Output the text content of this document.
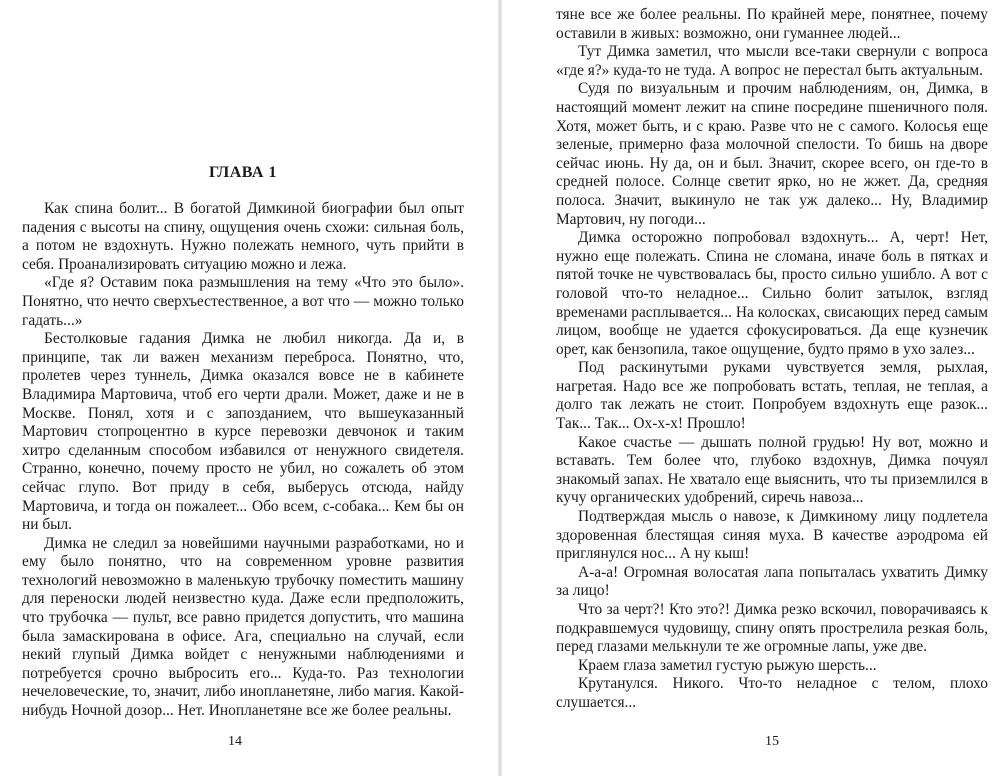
ГЛАВА 1

Как спина болит... В богатой Димкиной биографии был опыт падения с высоты на спину, ощущения очень схожи: сильная боль, а потом не вздохнуть. Нужно полежать немного, чуть прийти в себя. Проанализировать ситуацию можно и лежа.

«Где я? Оставим пока размышления на тему «Что это было». Понятно, что нечто сверхъестественное, а вот что — можно только гадать...»

Бестолковые гадания Димка не любил никогда. Да и, в принципе, так ли важен механизм переброса. Понятно, что, пролетев через туннель, Димка оказался вовсе не в кабинете Владимира Мартовича, чтоб его черти драли. Может, даже и не в Москве. Понял, хотя и с запозданием, что вышеуказанный Мартович стопроцентно в курсе перевозки девчонок и таким хитро сделанным способом избавился от ненужного свидетеля. Странно, конечно, почему просто не убил, но сожалеть об этом сейчас глупо. Вот приду в себя, выберусь отсюда, найду Мартовича, и тогда он пожалеет... Обо всем, с-собака... Кем бы он ни был.

Димка не следил за новейшими научными разработками, но и ему было понятно, что на современном уровне развития технологий невозможно в маленькую трубочку поместить машину для переноски людей неизвестно куда. Даже если предположить, что трубочка — пульт, все равно придется допустить, что машина была замаскирована в офисе. Ага, специально на случай, если некий глупый Димка войдет с ненужными наблюдениями и потребуется срочно выбросить его... Куда-то. Раз технологии нечеловеческие, то, значит, либо инопланетяне, либо магия. Какой-нибудь Ночной дозор... Нет. Инопланетяне все же более реальны.

14

тяне все же более реальны. По крайней мере, понятнее, почему оставили в живых: возможно, они гуманнее людей...

Тут Димка заметил, что мысли все-таки свернули с вопроса «где я?» куда-то не туда. А вопрос не перестал быть актуальным.

Судя по визуальным и прочим наблюдениям, он, Димка, в настоящий момент лежит на спине посредине пшеничного поля. Хотя, может быть, и с краю. Разве что не с самого. Колосья еще зеленые, примерно фаза молочной спелости. То бишь на дворе сейчас июнь. Ну да, он и был. Значит, скорее всего, он где-то в средней полосе. Солнце светит ярко, но не жжет. Да, средняя полоса. Значит, выкинуло не так уж далеко... Ну, Владимир Мартович, ну погоди...

Димка осторожно попробовал вздохнуть... А, черт! Нет, нужно еще полежать. Спина не сломана, иначе боль в пятках и пятой точке не чувствовалась бы, просто сильно ушибло. А вот с головой что-то неладное... Сильно болит затылок, взгляд временами расплывается... На колосках, свисающих перед самым лицом, вообще не удается сфокусироваться. Да еще кузнечик орет, как бензопила, такое ощущение, будто прямо в ухо залез...

Под раскинутыми руками чувствуется земля, рыхлая, нагретая. Надо все же попробовать встать, теплая, не теплая, а долго так лежать не стоит. Попробуем вздохнуть еще разок... Так... Так... Ох-х-х! Прошло!

Какое счастье — дышать полной грудью! Ну вот, можно и вставать. Тем более что, глубоко вздохнув, Димка почуял знакомый запах. Не хватало еще выяснить, что ты приземлился в кучу органических удобрений, сиречь навоза...

Подтверждая мысль о навозе, к Димкиному лицу подлетела здоровенная блестящая синяя муха. В качестве аэродрома ей приглянулся нос... А ну кыш!

А-а-а! Огромная волосатая лапа попыталась ухватить Димку за лицо!

Что за черт?! Кто это?! Димка резко вскочил, поворачиваясь к подкравшемуся чудовищу, спину опять прострелила резкая боль, перед глазами мелькнули те же огромные лапы, уже две.

Краем глаза заметил густую рыжую шерсть...

Крутанулся. Никого. Что-то неладное с телом, плохо слушается...

15
